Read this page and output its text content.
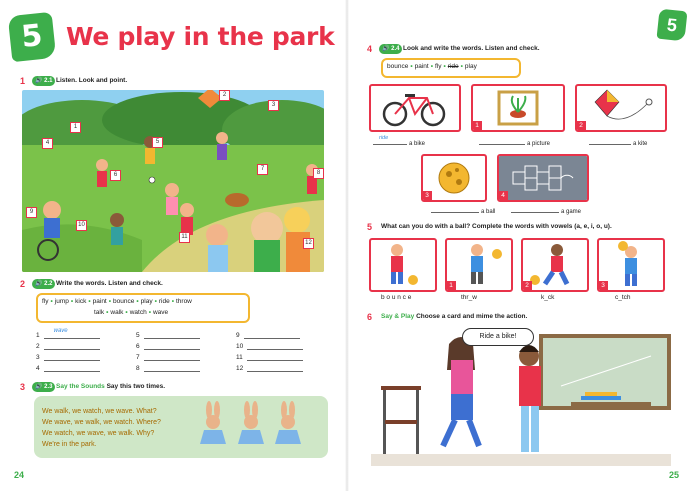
5 We play in the park
1	🔊 2.1 Listen. Look and point.
1
2
3
4	5
6
7
8
9
10
11
12
2	🔊 2.2 Write the words. Listen and check.
fly • jump • kick • paint • bounce • play • ride • throw
talk • walk • watch • wave
1
wave
2
3
4
5
6
7
8
9
10
11
12
3	🔊 2.3 Say the Sounds Say this two times.
We walk, we watch, we wave. What?
We wave, we walk, we watch. Where?
We watch, we wave, we walk. Why?
We're in the park.
24
5
4	🔊 2.4 Look and write the words. Listen and check.
bounce • paint • fly • ride • play
1	2
ride
a bike	a picture	a kite
3	4
a ball	a game
5 What can you do with a ball? Complete the words with vowels (a, e, i, o, u).
1	2	3
b o u n c e	thr_w	k_ck	c_tch
6 Say & Play Choose a card and mime the action.
Ride a bike!
25
